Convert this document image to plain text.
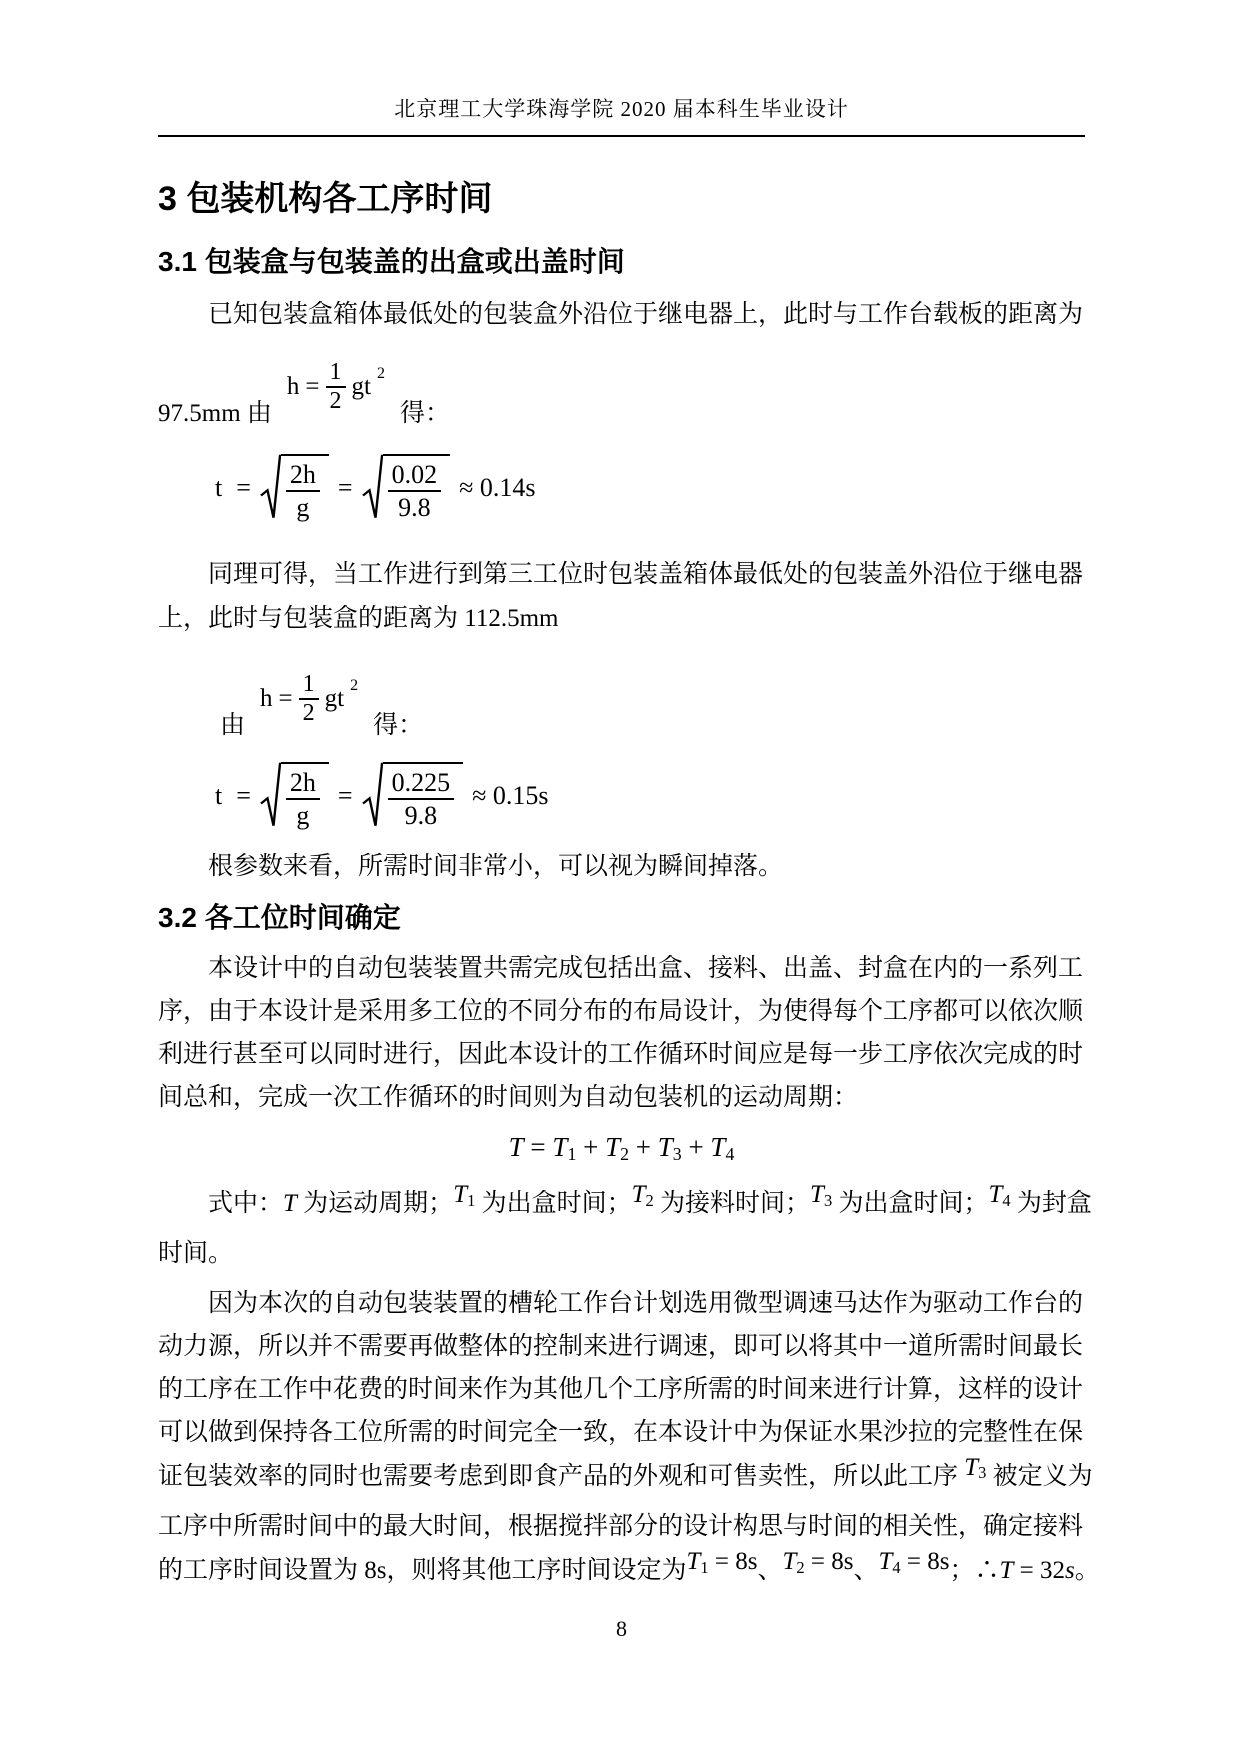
北京理工大学珠海学院 2020 届本科生毕业设计
3 包装机构各工序时间
3.1 包装盒与包装盖的出盒或出盖时间
已知包装盒箱体最低处的包装盒外沿位于继电器上，此时与工作台载板的距离为
97.5mm 由
$h = \frac{1}{2}$ gt 2
得：
$t = \frac{2h}{g} = \frac{0.02}{9.8} \approx 0.14s$
同理可得，当工作进行到第三工位时包装盖箱体最低处的包装盖外沿位于继电器
上，此时与包装盒的距离为 112.5mm
由
$h = \frac{1}{2}$ gt 2
得：
$t = \frac{2h}{g} = \frac{0.225}{9.8} \approx 0.15s$
根参数来看，所需时间非常小，可以视为瞬间掉落。
3.2 各工位时间确定
本设计中的自动包装装置共需完成包括出盒、接料、出盖、封盒在内的一系列工
序，由于本设计是采用多工位的不同分布的布局设计，为使得每个工序都可以依次顺
利进行甚至可以同时进行，因此本设计的工作循环时间应是每一步工序依次完成的时
间总和，完成一次工作循环的时间则为自动包装机的运动周期：
T = T1 + T2 + T3 + T4
式中：T 为运动周期；$T^1$ 为出盒时间；$T^2$ 为接料时间；$T^3$ 为出盒时间；$T^4$ 为封盒
时间。
因为本次的自动包装装置的槽轮工作台计划选用微型调速马达作为驱动工作台的
动力源，所以并不需要再做整体的控制来进行调速，即可以将其中一道所需时间最长
的工序在工作中花费的时间来作为其他几个工序所需的时间来进行计算，这样的设计
可以做到保持各工位所需的时间完全一致，在本设计中为保证水果沙拉的完整性在保
证包装效率的同时也需要考虑到即食产品的外观和可售卖性，所以此工序 $T^3$ 被定义为
工序中所需时间中的最大时间，根据搅拌部分的设计构思与时间的相关性，确定接料
的工序时间设置为 8s，则将其他工序时间设定为$T^1 = 8s$、$T^2 = 8s$、$T^4 = 8s$；∴T = 32s。
8
